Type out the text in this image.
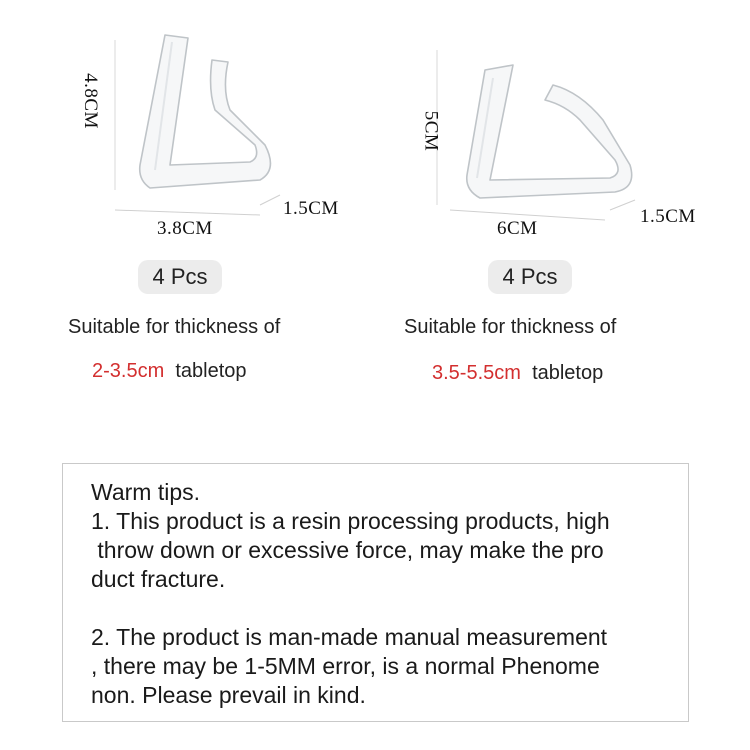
4.8CM
3.8CM
1.5CM
4 Pcs
Suitable for thickness of
2-3.5cm tabletop
5CM
6CM
1.5CM
4 Pcs
Suitable for thickness of
3.5-5.5cm tabletop

Warm tips.

1. This product is a resin processing products, high

throw down or excessive force, may make the pro

duct fracture.

2. The product is man-made manual measurement

, there may be 1-5MM error, is a normal Phenome

non. Please prevail in kind.
